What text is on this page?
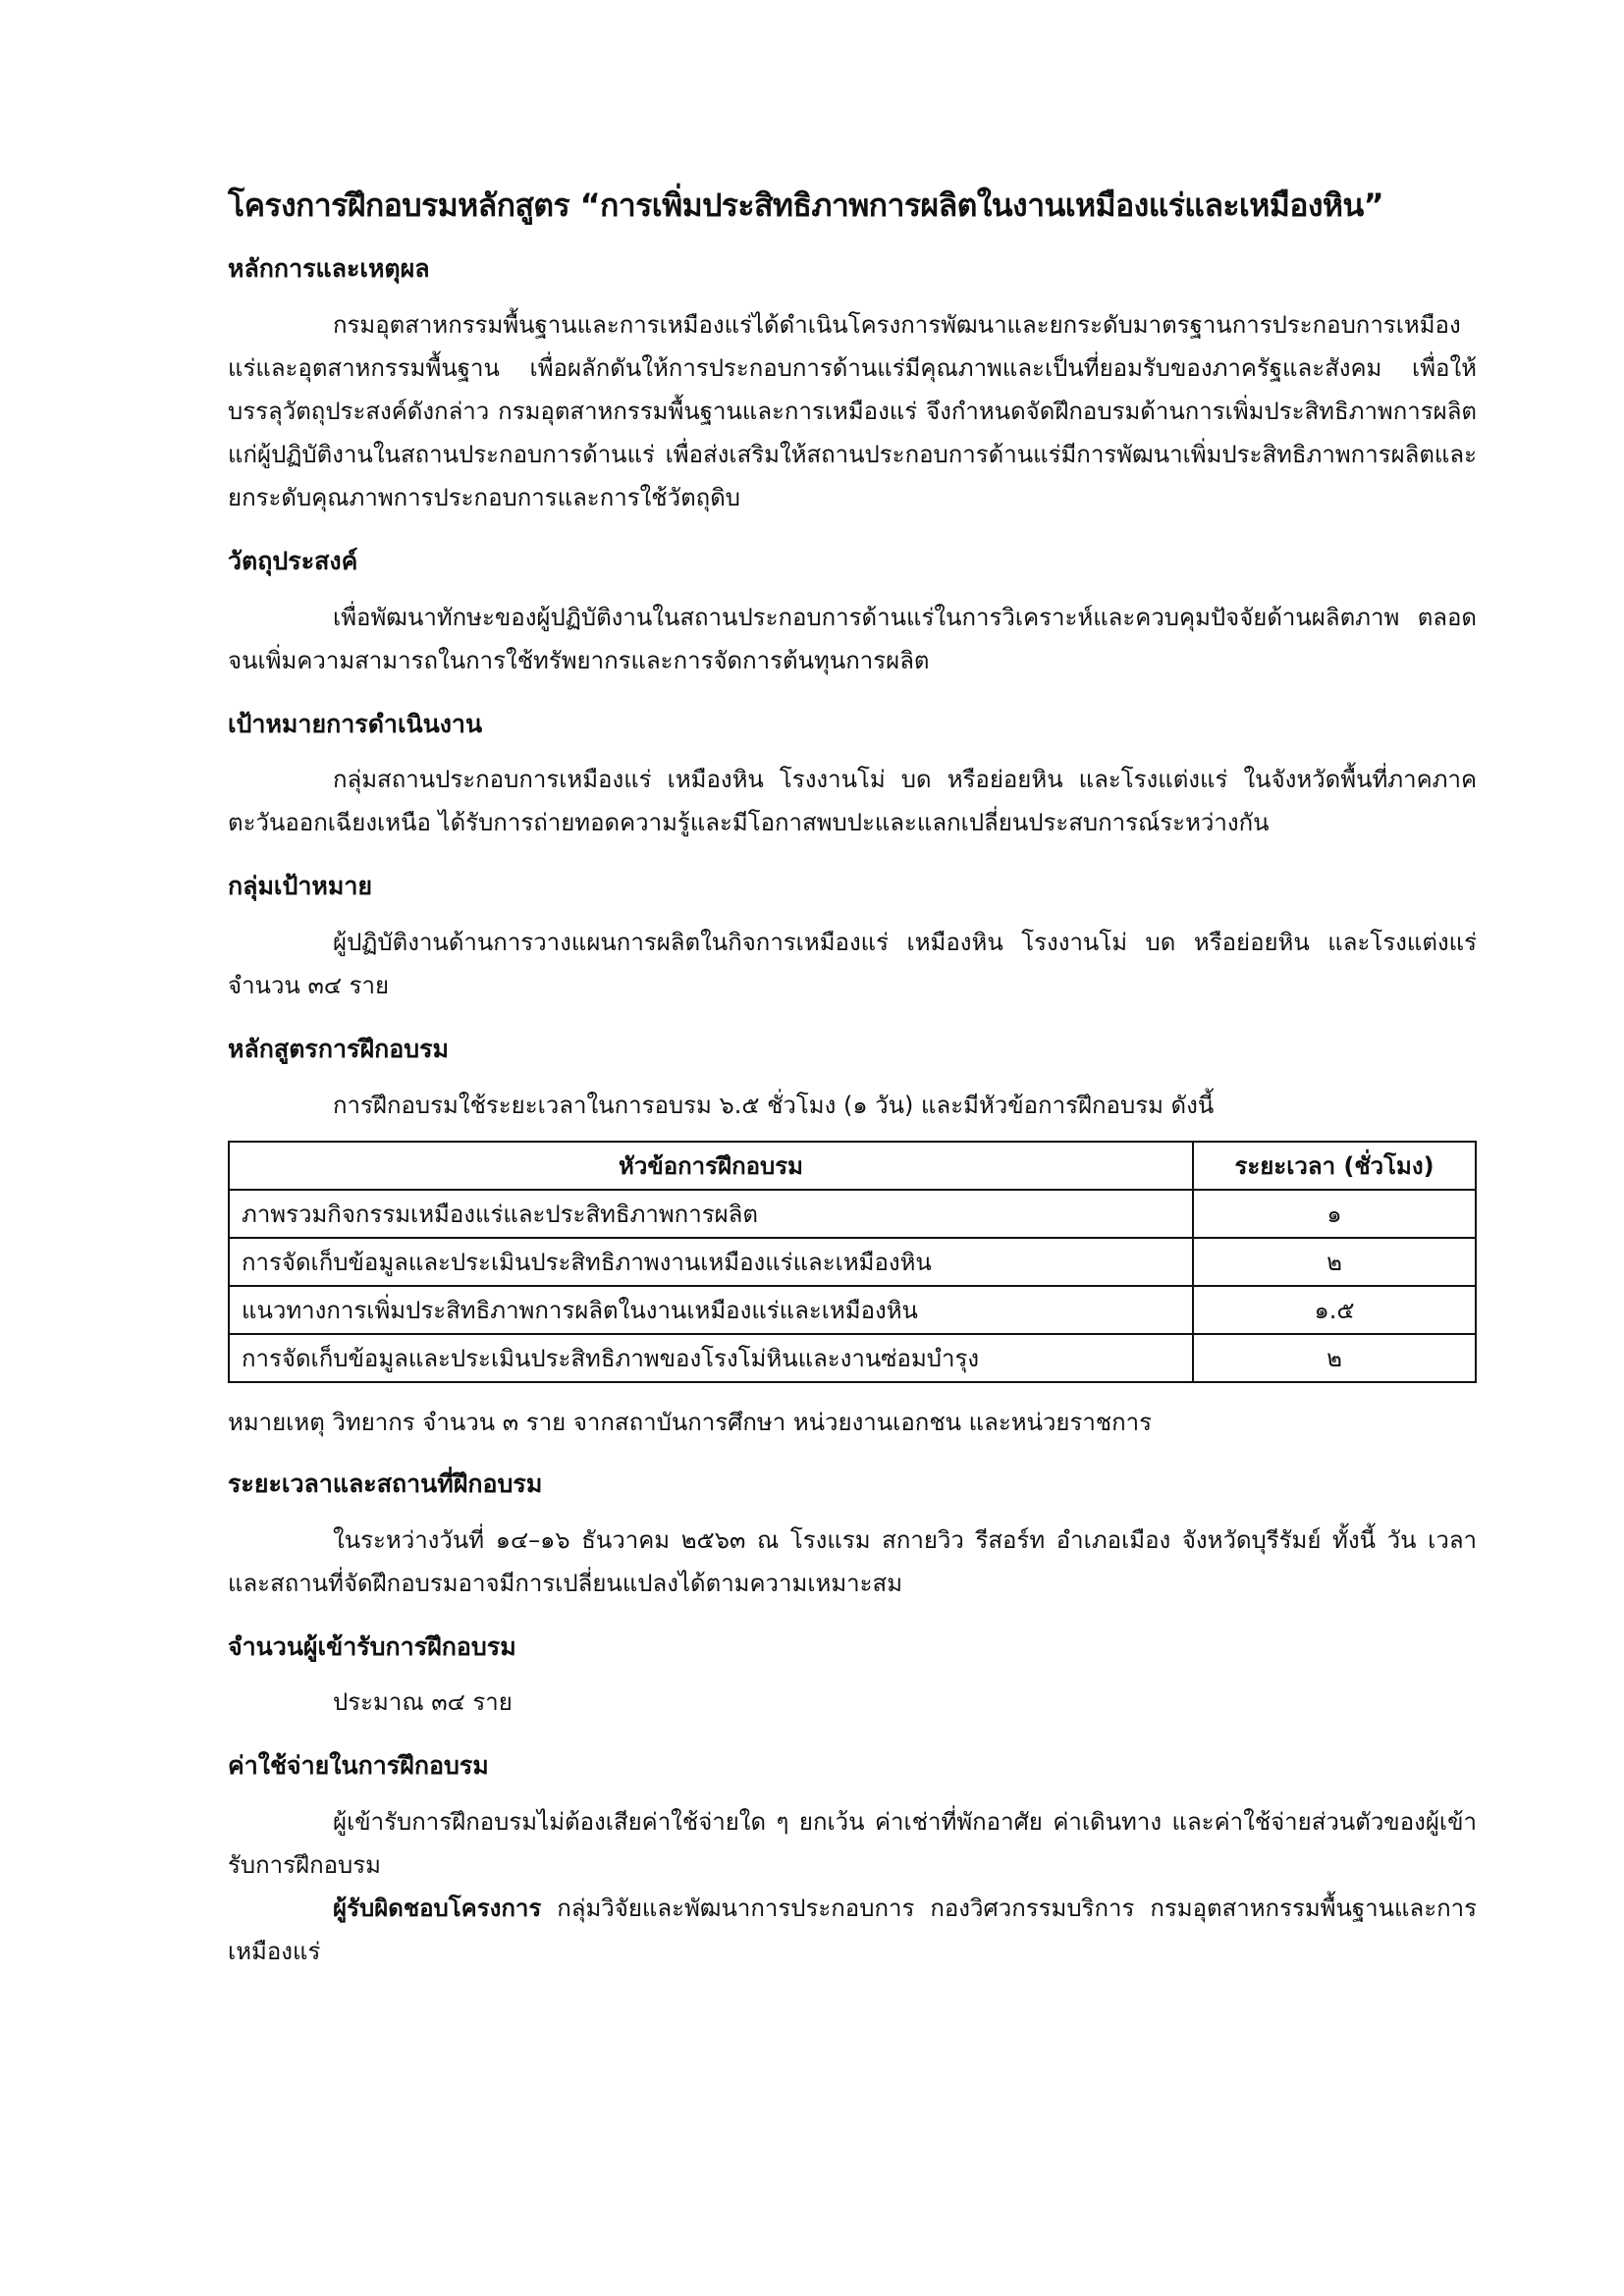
โครงการฝึกอบรมหลักสูตร “การเพิ่มประสิทธิภาพการผลิตในงานเหมืองแร่และเหมืองหิน”
หลักการและเหตุผล

กรมอุตสาหกรรมพื้นฐานและการเหมืองแร่ได้ดำเนินโครงการพัฒนาและยกระดับมาตรฐานการประกอบการเหมืองแร่และอุตสาหกรรมพื้นฐาน เพื่อผลักดันให้การประกอบการด้านแร่มีคุณภาพและเป็นที่ยอมรับของภาครัฐและสังคม เพื่อให้บรรลุวัตถุประสงค์ดังกล่าว กรมอุตสาหกรรมพื้นฐานและการเหมืองแร่ จึงกำหนดจัดฝึกอบรมด้านการเพิ่มประสิทธิภาพการผลิตแก่ผู้ปฏิบัติงานในสถานประกอบการด้านแร่ เพื่อส่งเสริมให้สถานประกอบการด้านแร่มีการพัฒนาเพิ่มประสิทธิภาพการผลิตและยกระดับคุณภาพการประกอบการและการใช้วัตถุดิบ

วัตถุประสงค์

เพื่อพัฒนาทักษะของผู้ปฏิบัติงานในสถานประกอบการด้านแร่ในการวิเคราะห์และควบคุมปัจจัยด้านผลิตภาพ ตลอดจนเพิ่มความสามารถในการใช้ทรัพยากรและการจัดการต้นทุนการผลิต

เป้าหมายการดำเนินงาน

กลุ่มสถานประกอบการเหมืองแร่ เหมืองหิน โรงงานโม่ บด หรือย่อยหิน และโรงแต่งแร่ ในจังหวัดพื้นที่ภาคภาคตะวันออกเฉียงเหนือ ได้รับการถ่ายทอดความรู้และมีโอกาสพบปะและแลกเปลี่ยนประสบการณ์ระหว่างกัน

กลุ่มเป้าหมาย

ผู้ปฏิบัติงานด้านการวางแผนการผลิตในกิจการเหมืองแร่ เหมืองหิน โรงงานโม่ บด หรือย่อยหิน และโรงแต่งแร่ จำนวน ๓๔ ราย

หลักสูตรการฝึกอบรม

การฝึกอบรมใช้ระยะเวลาในการอบรม ๖.๕ ชั่วโมง (๑ วัน) และมีหัวข้อการฝึกอบรม ดังนี้

หัวข้อการฝึกอบรม	ระยะเวลา (ชั่วโมง)
ภาพรวมกิจกรรมเหมืองแร่และประสิทธิภาพการผลิต	๑
การจัดเก็บข้อมูลและประเมินประสิทธิภาพงานเหมืองแร่และเหมืองหิน	๒
แนวทางการเพิ่มประสิทธิภาพการผลิตในงานเหมืองแร่และเหมืองหิน	๑.๕
การจัดเก็บข้อมูลและประเมินประสิทธิภาพของโรงโม่หินและงานซ่อมบำรุง	๒

หมายเหตุ วิทยากร จำนวน ๓ ราย จากสถาบันการศึกษา หน่วยงานเอกชน และหน่วยราชการ

ระยะเวลาและสถานที่ฝึกอบรม

ในระหว่างวันที่ ๑๔–๑๖ ธันวาคม ๒๕๖๓ ณ โรงแรม สกายวิว รีสอร์ท อำเภอเมือง จังหวัดบุรีรัมย์ ทั้งนี้ วัน เวลา และสถานที่จัดฝึกอบรมอาจมีการเปลี่ยนแปลงได้ตามความเหมาะสม

จำนวนผู้เข้ารับการฝึกอบรม

ประมาณ ๓๔ ราย

ค่าใช้จ่ายในการฝึกอบรม

ผู้เข้ารับการฝึกอบรมไม่ต้องเสียค่าใช้จ่ายใด ๆ ยกเว้น ค่าเช่าที่พักอาศัย ค่าเดินทาง และค่าใช้จ่ายส่วนตัวของผู้เข้ารับการฝึกอบรม

ผู้รับผิดชอบโครงการ กลุ่มวิจัยและพัฒนาการประกอบการ กองวิศวกรรมบริการ กรมอุตสาหกรรมพื้นฐานและการเหมืองแร่
